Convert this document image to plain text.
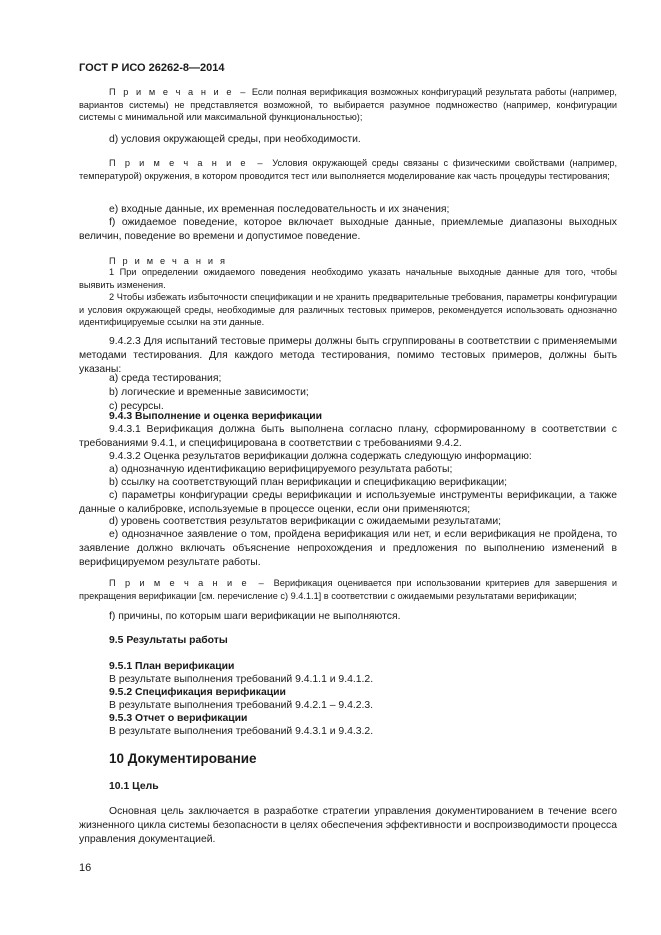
ГОСТ Р ИСО 26262-8—2014
П р и м е ч а н и е – Если полная верификация возможных конфигураций результата работы (например, вариантов системы) не представляется возможной, то выбирается разумное подмножество (например, конфигурации системы с минимальной или максимальной функциональностью);
d) условия окружающей среды, при необходимости.
П р и м е ч а н и е – Условия окружающей среды связаны с физическими свойствами (например, температурой) окружения, в котором проводится тест или выполняется моделирование как часть процедуры тестирования;
e) входные данные, их временная последовательность и их значения;
f) ожидаемое поведение, которое включает выходные данные, приемлемые диапазоны выходных величин, поведение во времени и допустимое поведение.
П р и м е ч а н и я
1 При определении ожидаемого поведения необходимо указать начальные выходные данные для того, чтобы выявить изменения.
2 Чтобы избежать избыточности спецификации и не хранить предварительные требования, параметры конфигурации и условия окружающей среды, необходимые для различных тестовых примеров, рекомендуется использовать однозначно идентифицируемые ссылки на эти данные.
9.4.2.3 Для испытаний тестовые примеры должны быть сгруппированы в соответствии с применяемыми методами тестирования. Для каждого метода тестирования, помимо тестовых примеров, должны быть указаны:
a) среда тестирования;
b) логические и временные зависимости;
c) ресурсы.
9.4.3 Выполнение и оценка верификации
9.4.3.1 Верификация должна быть выполнена согласно плану, сформированному в соответствии с требованиями 9.4.1, и специфицирована в соответствии с требованиями 9.4.2.
9.4.3.2 Оценка результатов верификации должна содержать следующую информацию:
a) однозначную идентификацию верифицируемого результата работы;
b) ссылку на соответствующий план верификации и спецификацию верификации;
c) параметры конфигурации среды верификации и используемые инструменты верификации, а также данные о калибровке, используемые в процессе оценки, если они применяются;
d) уровень соответствия результатов верификации с ожидаемыми результатами;
e) однозначное заявление о том, пройдена верификация или нет, и если верификация не пройдена, то заявление должно включать объяснение непрохождения и предложения по выполнению изменений в верифицируемом результате работы.
П р и м е ч а н и е – Верификация оценивается при использовании критериев для завершения и прекращения верификации [см. перечисление c) 9.4.1.1] в соответствии с ожидаемыми результатами верификации;
f) причины, по которым шаги верификации не выполняются.
9.5 Результаты работы
9.5.1 План верификации
В результате выполнения требований 9.4.1.1 и 9.4.1.2.
9.5.2 Спецификация верификации
В результате выполнения требований 9.4.2.1 – 9.4.2.3.
9.5.3 Отчет о верификации
В результате выполнения требований 9.4.3.1 и 9.4.3.2.
10 Документирование
10.1 Цель
Основная цель заключается в разработке стратегии управления документированием в течение всего жизненного цикла системы безопасности в целях обеспечения эффективности и воспроизводимости процесса управления документацией.
16
